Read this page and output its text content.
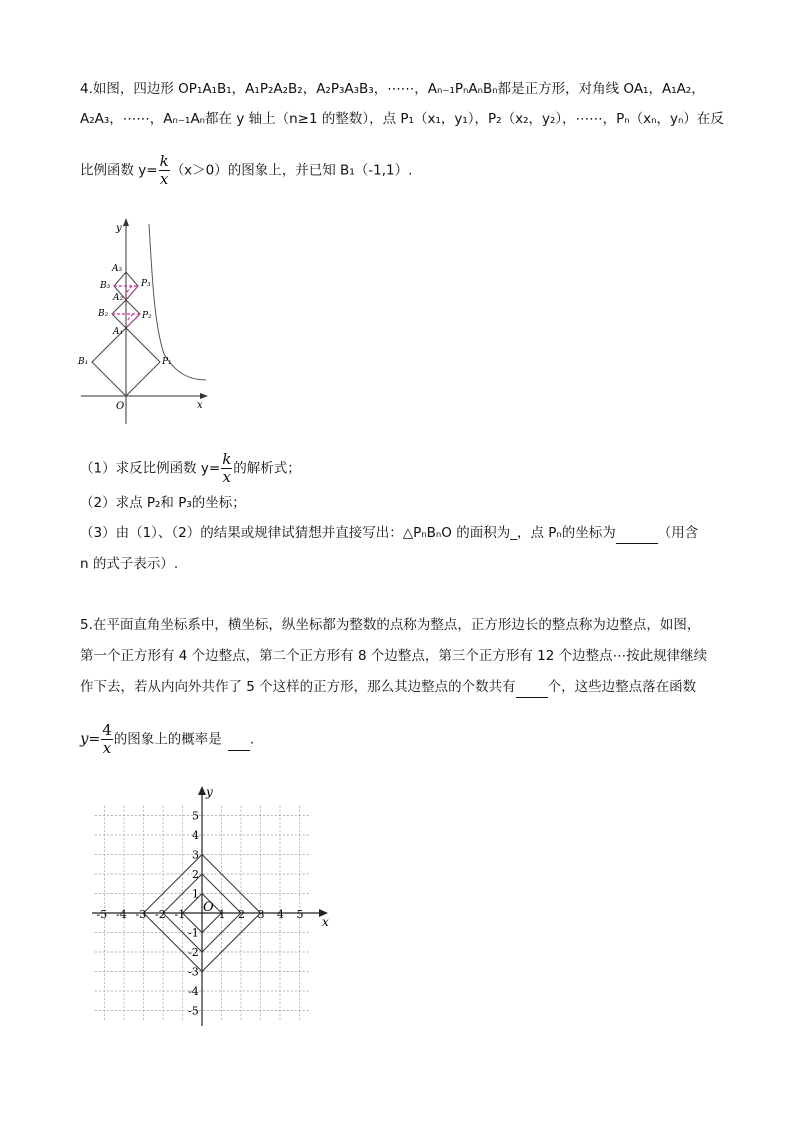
4.如图，四边形 OP₁A₁B₁，A₁P₂A₂B₂，A₂P₃A₃B₃，⋯⋯，Aₙ₋₁PₙAₙBₙ都是正方形，对角线 OA₁，A₁A₂，
A₂A₃，⋯⋯，Aₙ₋₁Aₙ都在 y 轴上（n≥1 的整数），点 P₁（x₁，y₁），P₂（x₂，y₂），⋯⋯，Pₙ（xₙ，yₙ）在反
比例函数 $y= \frac{k}{x} (x>0)$的图象上，并已知 B₁（-1,1）.
y
x
O
A₃
A₂
A₁
B₃
B₂
B₁
P₃
P₂
P₁
（1）求反比例函数 $y= \frac{k}{x}$ 的解析式；
（2）求点 P₂和 P₃的坐标；
（3）由（1）、（2）的结果或规律试猜想并直接写出：△PₙBₙO 的面积为_，点 Pₙ的坐标为	（用含
n 的式子表示）.
5.在平面直角坐标系中，横坐标，纵坐标都为整数的点称为整点，正方形边长的整点称为边整点，如图，
第一个正方形有 4 个边整点，第二个正方形有 8 个边整点，第三个正方形有 12 个边整点⋯按此规律继续
作下去，若从内向外共作了 5 个这样的正方形，那么其边整点的个数共有 个，这些边整点落在函数
$y= \frac{4}{x}$ 的图象上的概率是 .
-5 -4 -3 -2 -1	1 2 3 4 5
5
4
3
2
1
-1
-2
-3
-4
-5
x
y
O
